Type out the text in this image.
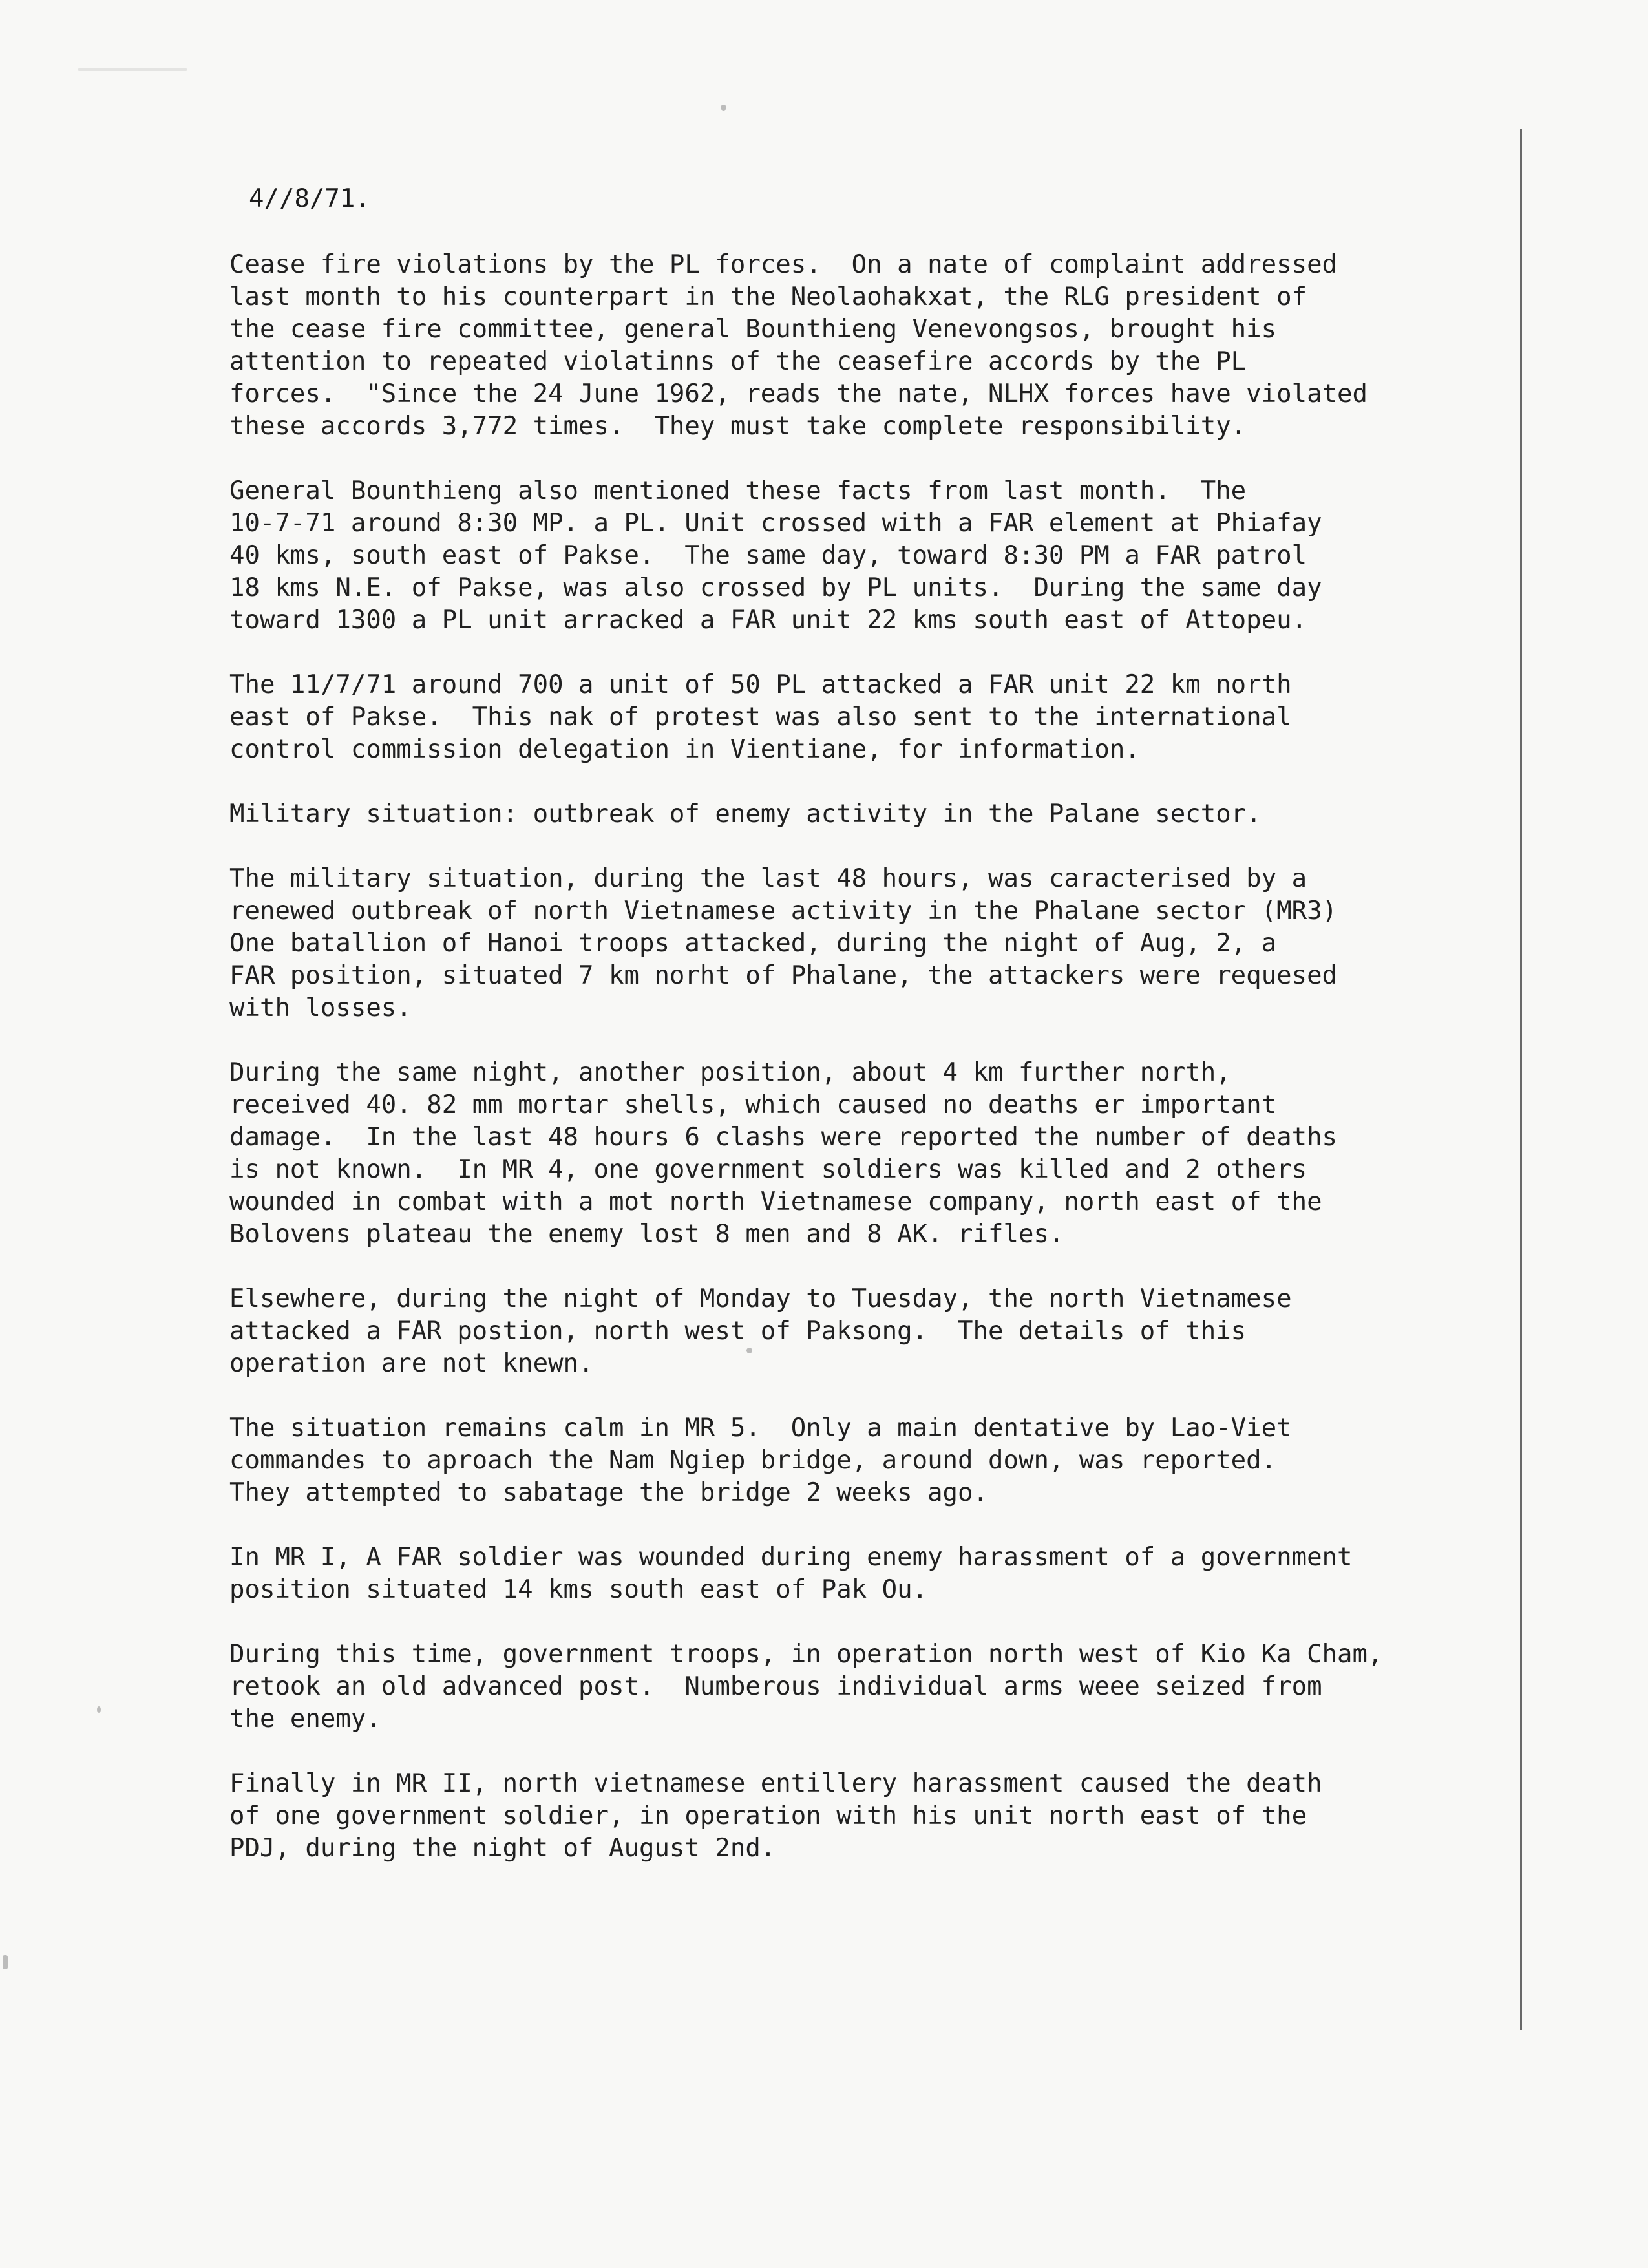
4//8/71.
Cease fire violations by the PL forces.  On a nate of complaint addressed
last month to his counterpart in the Neolaohakxat, the RLG president of
the cease fire committee, general Bounthieng Venevongsos, brought his
attention to repeated violatinns of the ceasefire accords by the PL
forces.  "Since the 24 June 1962, reads the nate, NLHX forces have violated
these accords 3,772 times.  They must take complete responsibility.
General Bounthieng also mentioned these facts from last month.  The
10-7-71 around 8:30 MP. a PL. Unit crossed with a FAR element at Phiafay
40 kms, south east of Pakse.  The same day, toward 8:30 PM a FAR patrol
18 kms N.E. of Pakse, was also crossed by PL units.  During the same day
toward 1300 a PL unit arracked a FAR unit 22 kms south east of Attopeu.
The 11/7/71 around 700 a unit of 50 PL attacked a FAR unit 22 km north
east of Pakse.  This nak of protest was also sent to the international
control commission delegation in Vientiane, for information.
Military situation: outbreak of enemy activity in the Palane sector.
The military situation, during the last 48 hours, was caracterised by a
renewed outbreak of north Vietnamese activity in the Phalane sector (MR3)
One batallion of Hanoi troops attacked, during the night of Aug, 2, a
FAR position, situated 7 km norht of Phalane, the attackers were requesed
with losses.
During the same night, another position, about 4 km further north,
received 40. 82 mm mortar shells, which caused no deaths er important
damage.  In the last 48 hours 6 clashs were reported the number of deaths
is not known.  In MR 4, one government soldiers was killed and 2 others
wounded in combat with a mot north Vietnamese company, north east of the
Bolovens plateau the enemy lost 8 men and 8 AK. rifles.
Elsewhere, during the night of Monday to Tuesday, the north Vietnamese
attacked a FAR postion, north west of Paksong.  The details of this
operation are not knewn.
The situation remains calm in MR 5.  Only a main dentative by Lao-Viet
commandes to aproach the Nam Ngiep bridge, around down, was reported.
They attempted to sabatage the bridge 2 weeks ago.
In MR I, A FAR soldier was wounded during enemy harassment of a government
position situated 14 kms south east of Pak Ou.
During this time, government troops, in operation north west of Kio Ka Cham,
retook an old advanced post.  Numberous individual arms weee seized from
the enemy.
Finally in MR II, north vietnamese entillery harassment caused the death
of one government soldier, in operation with his unit north east of the
PDJ, during the night of August 2nd.
